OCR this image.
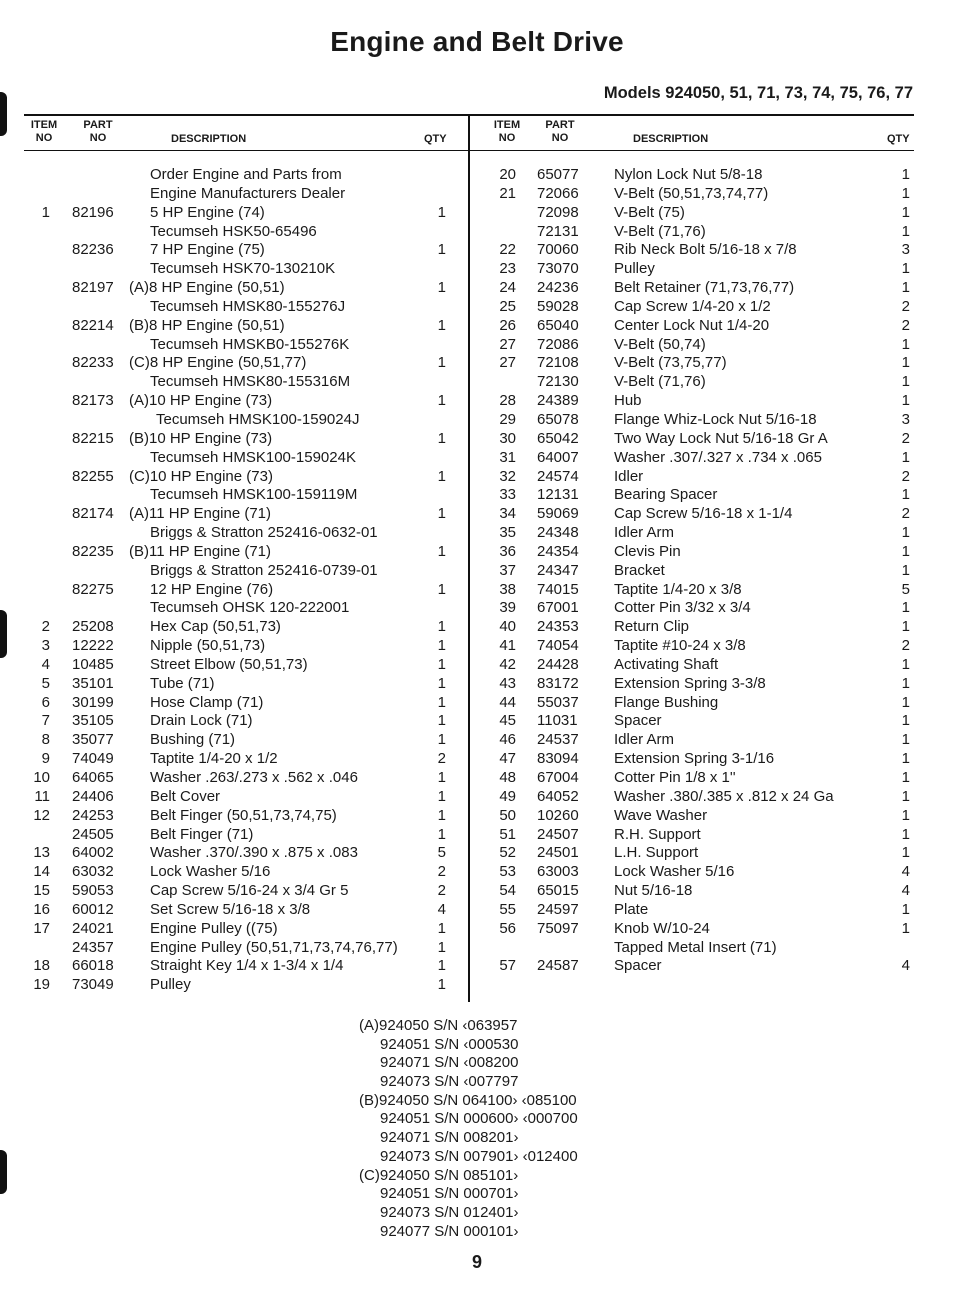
Engine and Belt Drive
Models 924050, 51, 71, 73, 74, 75, 76, 77
ITEM
NO
PART
NO	DESCRIPTION	QTY
ITEM
NO
PART
NO	DESCRIPTION	QTY
Order Engine and Parts from
Engine Manufacturers Dealer
1 82196 5 HP Engine (74)	1
Tecumseh HSK50-65496
82236 7 HP Engine (75)	1
Tecumseh HSK70-130210K
82197 (A)8 HP Engine (50,51)	1
Tecumseh HMSK80-155276J
82214 (B)8 HP Engine (50,51)	1
Tecumseh HMSKB0-155276K
82233 (C)8 HP Engine (50,51,77)	1
Tecumseh HMSK80-155316M
82173 (A)10 HP Engine (73)	1
Tecumseh HMSK100-159024J
82215 (B)10 HP Engine (73)	1
Tecumseh HMSK100-159024K
82255 (C)10 HP Engine (73)	1
Tecumseh HMSK100-159119M
82174 (A)11 HP Engine (71)	1
Briggs & Stratton 252416-0632-01
82235 (B)11 HP Engine (71)	1
Briggs & Stratton 252416-0739-01
82275 12 HP Engine (76)	1
Tecumseh OHSK 120-222001
2 25208 Hex Cap (50,51,73)	1
3 12222 Nipple (50,51,73)	1
4 10485 Street Elbow (50,51,73)	1
5 35101 Tube (71)	1
6 30199 Hose Clamp (71)	1
7 35105 Drain Lock (71)	1
8 35077 Bushing (71)	1
9 74049 Taptite 1/4-20 x 1/2	2
10 64065 Washer .263/.273 x .562 x .046	1
11 24406 Belt Cover	1
12 24253 Belt Finger (50,51,73,74,75)	1
24505 Belt Finger (71)	1
13 64002 Washer .370/.390 x .875 x .083	5
14 63032 Lock Washer 5/16	2
15 59053 Cap Screw 5/16-24 x 3/4 Gr 5	2
16 60012 Set Screw 5/16-18 x 3/8	4
17 24021 Engine Pulley ((75)	1
24357 Engine Pulley (50,51,71,73,74,76,77)	1
18 66018 Straight Key 1/4 x 1-3/4 x 1/4	1
19 73049 Pulley	1
20 65077 Nylon Lock Nut 5/8-18	1
21 72066 V-Belt (50,51,73,74,77)	1
72098 V-Belt (75)	1
72131 V-Belt (71,76)	1
22 70060 Rib Neck Bolt 5/16-18 x 7/8	3
23 73070 Pulley	1
24 24236 Belt Retainer (71,73,76,77)	1
25 59028 Cap Screw 1/4-20 x 1/2	2
26 65040 Center Lock Nut 1/4-20	2
27 72086 V-Belt (50,74)	1
27 72108 V-Belt (73,75,77)	1
72130 V-Belt (71,76)	1
28 24389 Hub	1
29 65078 Flange Whiz-Lock Nut 5/16-18	3
30 65042 Two Way Lock Nut 5/16-18 Gr A	2
31 64007 Washer .307/.327 x .734 x .065	1
32 24574 Idler	2
33 12131 Bearing Spacer	1
34 59069 Cap Screw 5/16-18 x 1-1/4	2
35 24348 Idler Arm	1
36 24354 Clevis Pin	1
37 24347 Bracket	1
38 74015 Taptite 1/4-20 x 3/8	5
39 67001 Cotter Pin 3/32 x 3/4	1
40 24353 Return Clip	1
41 74054 Taptite #10-24 x 3/8	2
42 24428 Activating Shaft	1
43 83172 Extension Spring 3-3/8	1
44 55037 Flange Bushing	1
45 11031 Spacer	1
46 24537 Idler Arm	1
47 83094 Extension Spring 3-1/16	1
48 67004 Cotter Pin 1/8 x 1''	1
49 64052 Washer .380/.385 x .812 x 24 Ga	1
50 10260 Wave Washer	1
51 24507 R.H. Support	1
52 24501 L.H. Support	1
53 63003 Lock Washer 5/16	4
54 65015 Nut 5/16-18	4
55 24597 Plate	1
56 75097 Knob W/10-24	1
Tapped Metal Insert (71)
57 24587 Spacer	4
(A)924050 S/N ‹063957
924051 S/N ‹000530
924071 S/N ‹008200
924073 S/N ‹007797
(B)924050 S/N 064100› ‹085100
924051 S/N 000600› ‹000700
924071 S/N 008201›
924073 S/N 007901› ‹012400
(C)924050 S/N 085101›
924051 S/N 000701›
924073 S/N 012401›
924077 S/N 000101›
9
